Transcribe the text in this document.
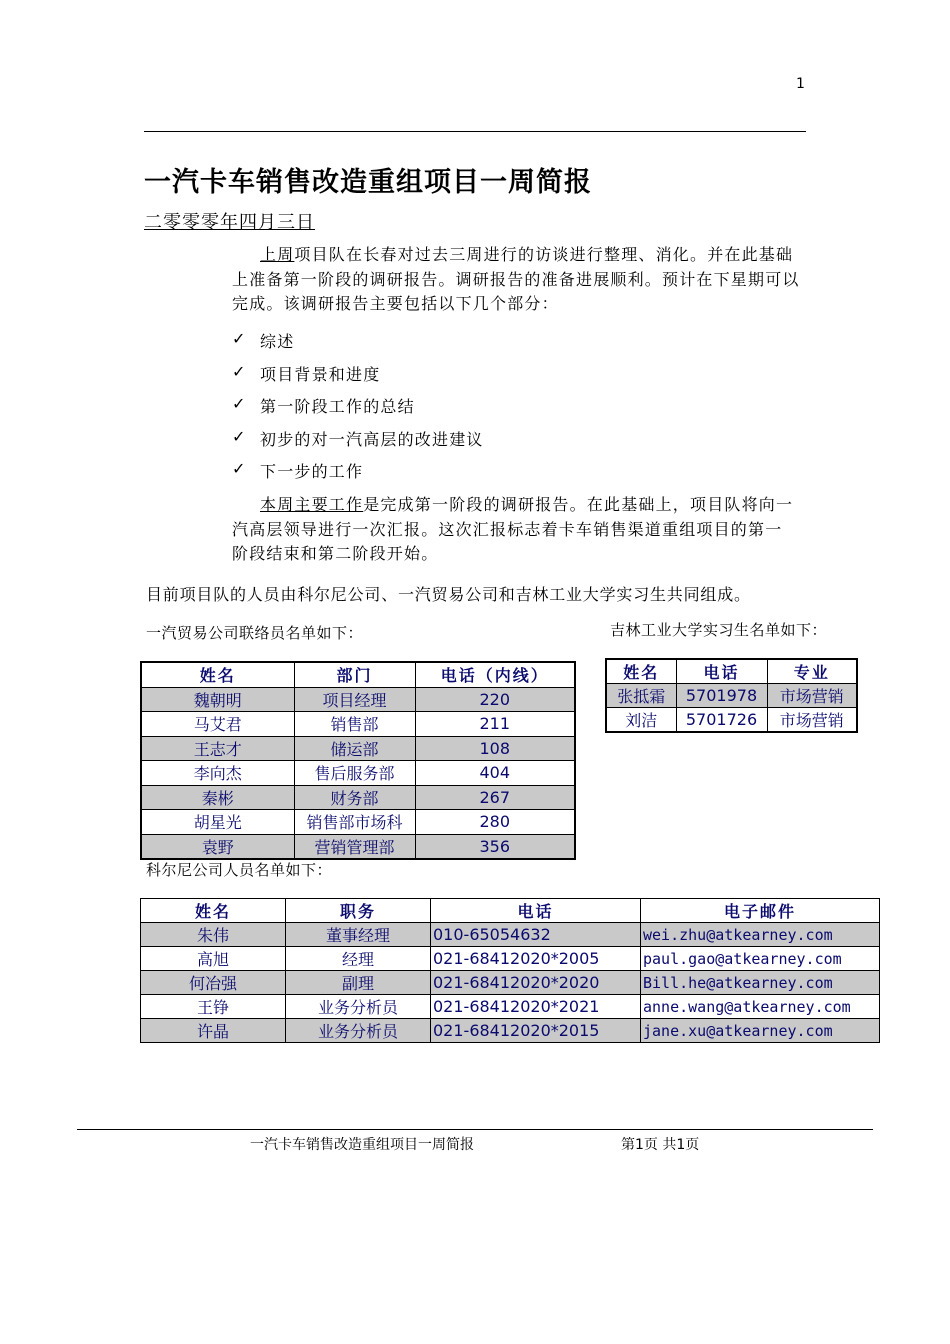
1
一汽卡车销售改造重组项目一周简报
二零零零年四月三日
上周项目队在长春对过去三周进行的访谈进行整理、消化。并在此基础上准备第一阶段的调研报告。调研报告的准备进展顺利。预计在下星期可以完成。该调研报告主要包括以下几个部分：
✓ 综述
✓ 项目背景和进度
✓ 第一阶段工作的总结
✓ 初步的对一汽高层的改进建议
✓ 下一步的工作
本周主要工作是完成第一阶段的调研报告。在此基础上，项目队将向一汽高层领导进行一次汇报。这次汇报标志着卡车销售渠道重组项目的第一阶段结束和第二阶段开始。
目前项目队的人员由科尔尼公司、一汽贸易公司和吉林工业大学实习生共同组成。
一汽贸易公司联络员名单如下：	吉林工业大学实习生名单如下：
姓名	部门	电话（内线）
魏朝明	项目经理	220
马艾君	销售部	211
王志才	储运部	108
李向杰	售后服务部	404
秦彬	财务部	267
胡星光	销售部市场科	280
袁野	营销管理部	356
姓名	电话	专业
张抵霜	5701978	市场营销
刘洁	5701726	市场营销
科尔尼公司人员名单如下：
姓名	职务	电话	电子邮件
朱伟	董事经理	010-65054632	wei.zhu@atkearney.com
高旭	经理	021-68412020*2005	paul.gao@atkearney.com
何冶强	副理	021-68412020*2020	Bill.he@atkearney.com
王铮	业务分析员	021-68412020*2021	anne.wang@atkearney.com
许晶	业务分析员	021-68412020*2015	jane.xu@atkearney.com
一汽卡车销售改造重组项目一周简报	第1页 共1页
